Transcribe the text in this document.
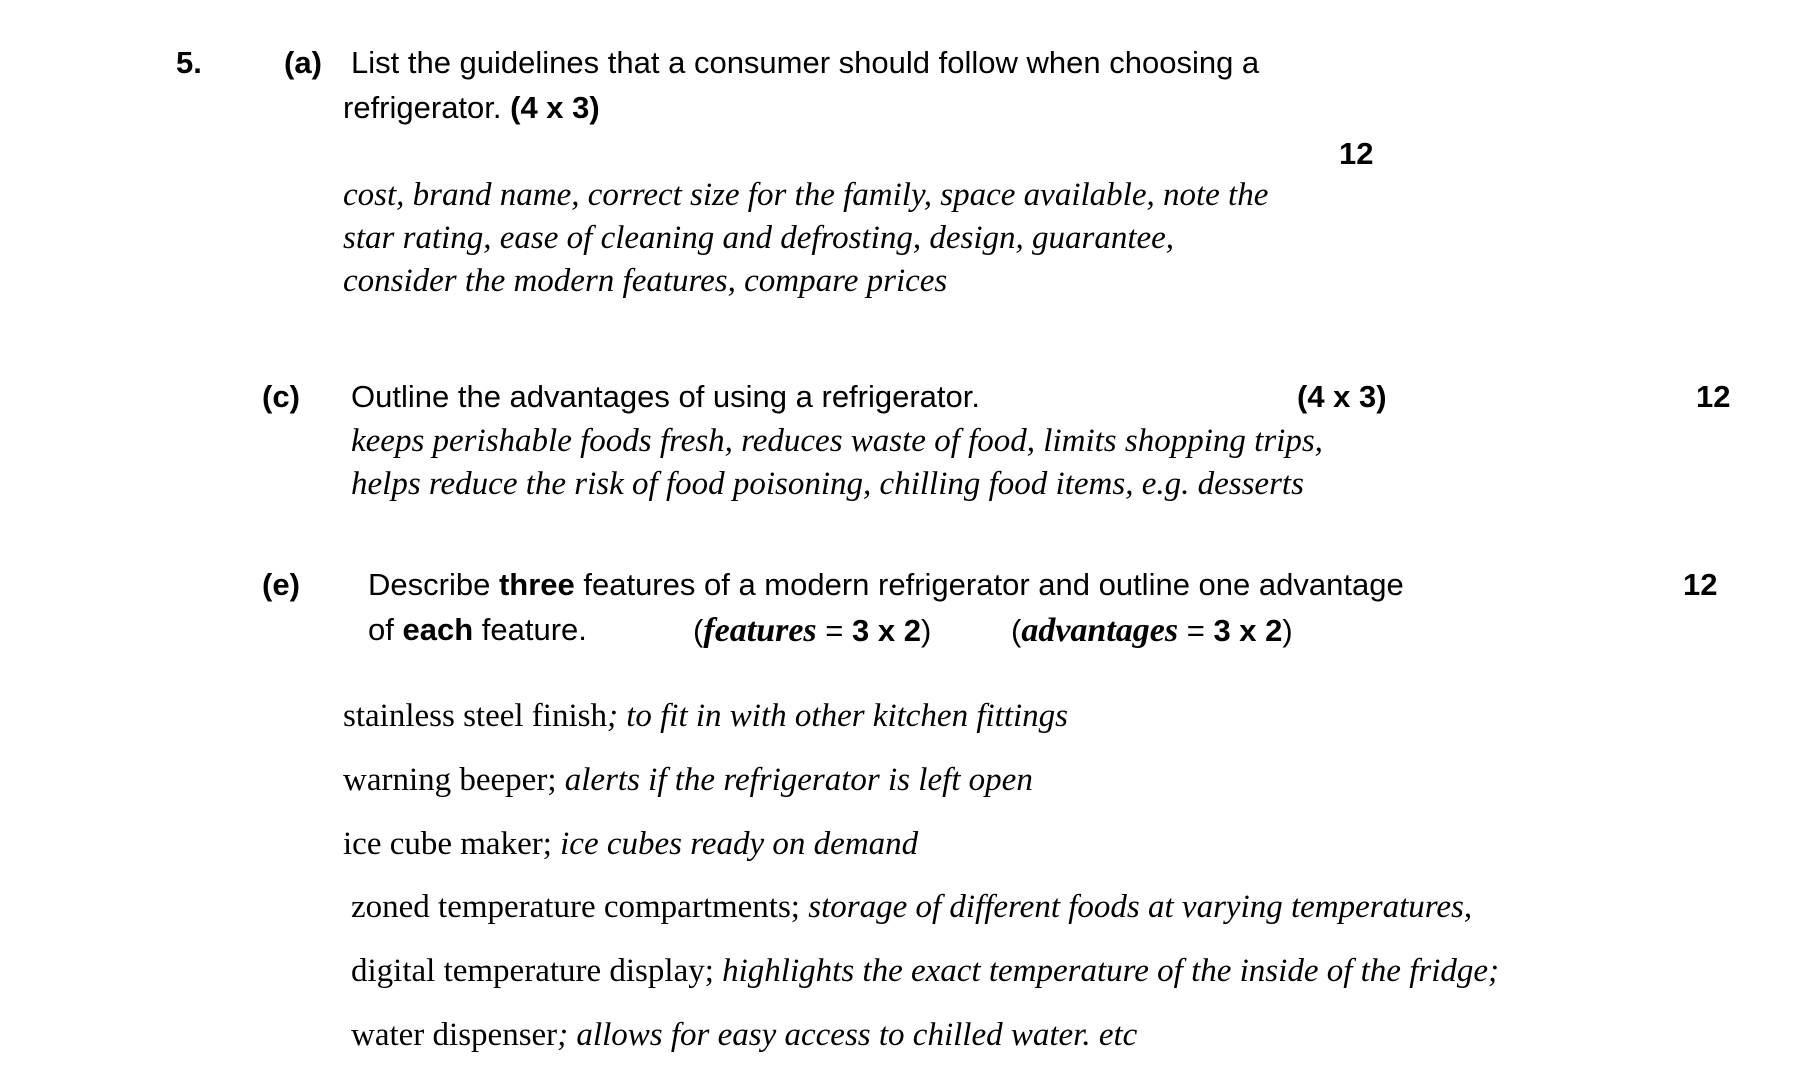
5.	(a) List the guidelines that a consumer should follow when choosing a
refrigerator. (4 x 3)
12
cost, brand name, correct size for the family, space available, note the
star rating, ease of cleaning and defrosting, design, guarantee,
consider the modern features, compare prices
(c) Outline the advantages of using a refrigerator.	(4 x 3)	12
keeps perishable foods fresh, reduces waste of food, limits shopping trips,
helps reduce the risk of food poisoning, chilling food items, e.g. desserts
(e) Describe three features of a modern refrigerator and outline one advantage	12
of each feature.	(features = 3 x 2)	(advantages = 3 x 2)
stainless steel finish; to fit in with other kitchen fittings
warning beeper; alerts if the refrigerator is left open
ice cube maker; ice cubes ready on demand
zoned temperature compartments; storage of different foods at varying temperatures,
digital temperature display; highlights the exact temperature of the inside of the fridge;
water dispenser; allows for easy access to chilled water. etc
